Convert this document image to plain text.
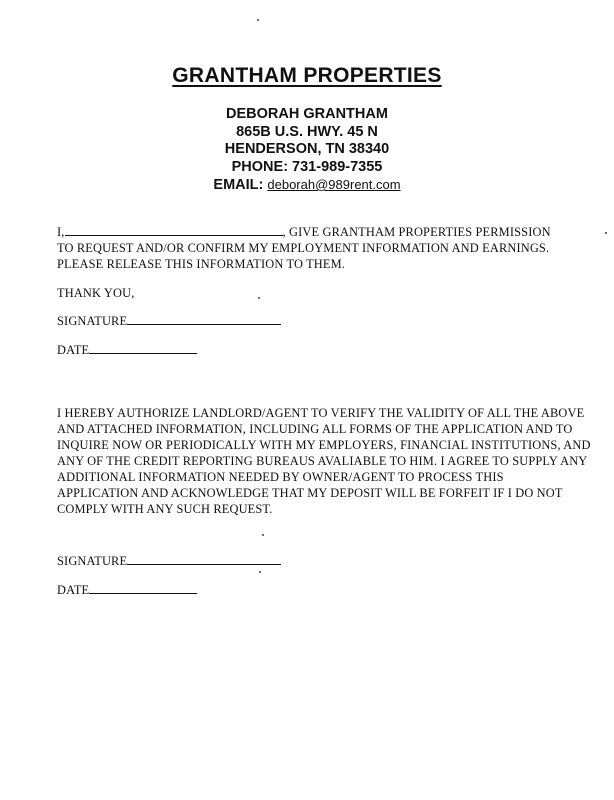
GRANTHAM PROPERTIES
DEBORAH GRANTHAM
865B U.S. HWY. 45 N
HENDERSON, TN 38340
PHONE: 731-989-7355
EMAIL: deborah@989rent.com
I,	, GIVE GRANTHAM PROPERTIES PERMISSION
TO REQUEST AND/OR CONFIRM MY EMPLOYMENT INFORMATION AND EARNINGS.
PLEASE RELEASE THIS INFORMATION TO THEM.
THANK YOU,
SIGNATURE
DATE
I HEREBY AUTHORIZE LANDLORD/AGENT TO VERIFY THE VALIDITY OF ALL THE ABOVE
AND ATTACHED INFORMATION, INCLUDING ALL FORMS OF THE APPLICATION AND TO
INQUIRE NOW OR PERIODICALLY WITH MY EMPLOYERS, FINANCIAL INSTITUTIONS, AND
ANY OF THE CREDIT REPORTING BUREAUS AVALIABLE TO HIM. I AGREE TO SUPPLY ANY
ADDITIONAL INFORMATION NEEDED BY OWNER/AGENT TO PROCESS THIS
APPLICATION AND ACKNOWLEDGE THAT MY DEPOSIT WILL BE FORFEIT IF I DO NOT
COMPLY WITH ANY SUCH REQUEST.
SIGNATURE
DATE
